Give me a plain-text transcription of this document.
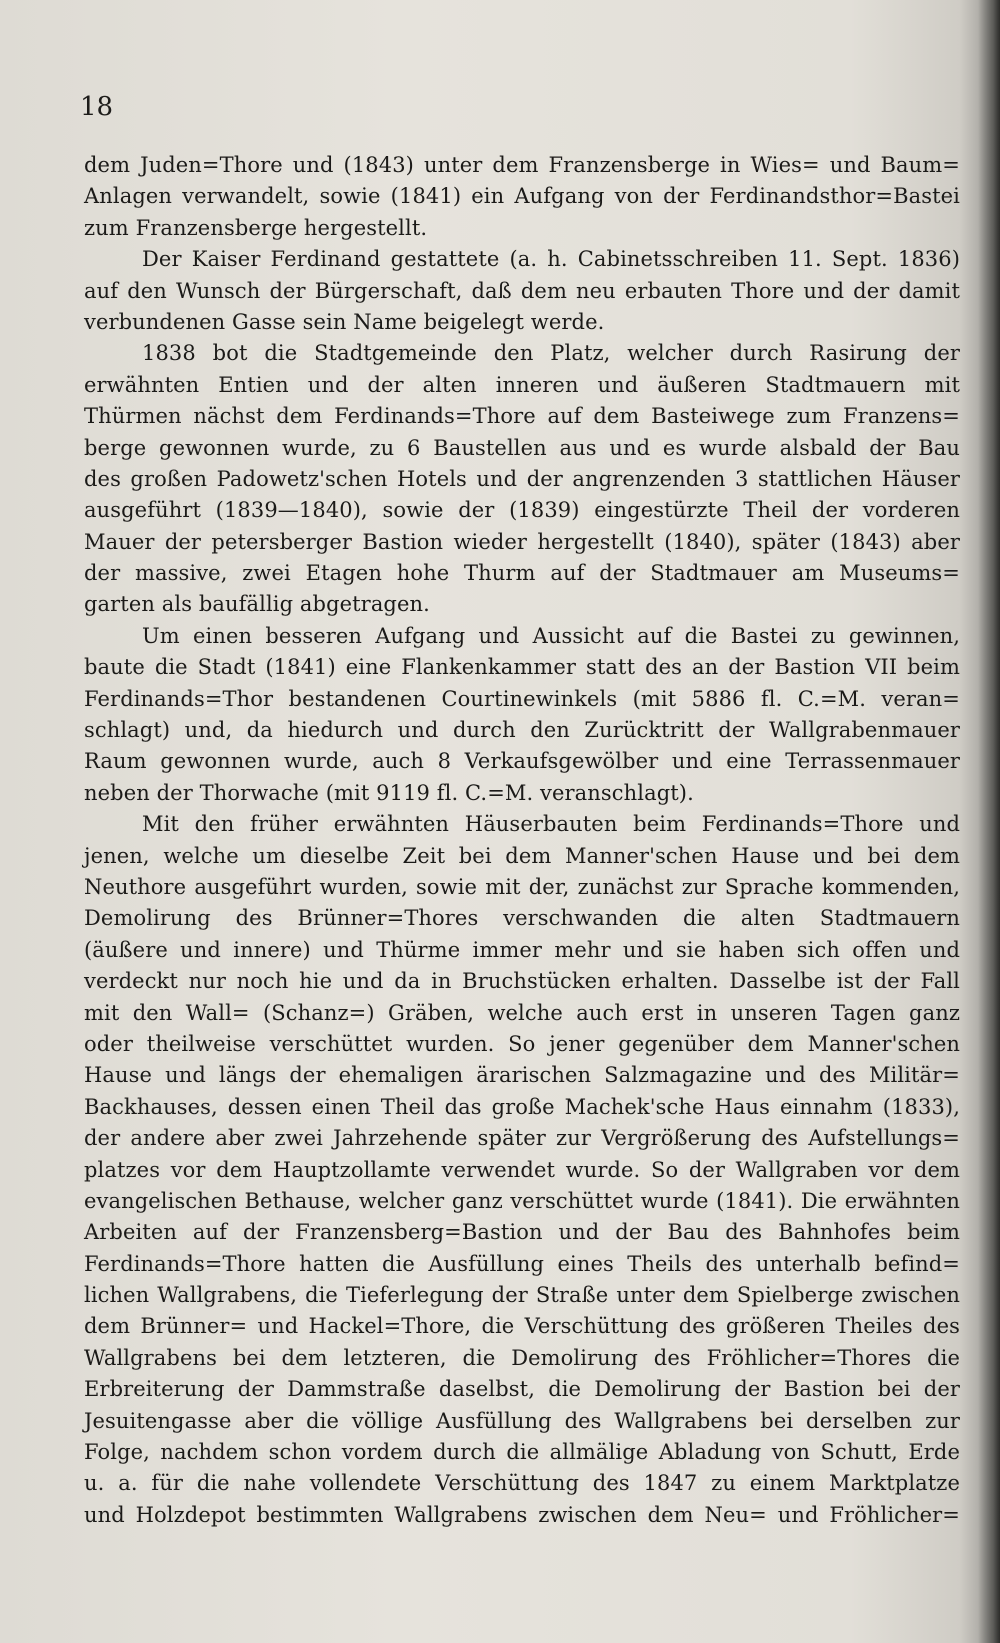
18
dem Juden=Thore und (1843) unter dem Franzensberge in Wies= und Baum=
Anlagen verwandelt, sowie (1841) ein Aufgang von der Ferdinandsthor=Bastei
zum Franzensberge hergestellt.
Der Kaiser Ferdinand gestattete (a. h. Cabinetsschreiben 11. Sept. 1836)
auf den Wunsch der Bürgerschaft, daß dem neu erbauten Thore und der damit
verbundenen Gasse sein Name beigelegt werde.
1838 bot die Stadtgemeinde den Platz, welcher durch Rasirung der
erwähnten Entien und der alten inneren und äußeren Stadtmauern mit
Thürmen nächst dem Ferdinands=Thore auf dem Basteiwege zum Franzens=
berge gewonnen wurde, zu 6 Baustellen aus und es wurde alsbald der Bau
des großen Padowetz'schen Hotels und der angrenzenden 3 stattlichen Häuser
ausgeführt (1839—1840), sowie der (1839) eingestürzte Theil der vorderen
Mauer der petersberger Bastion wieder hergestellt (1840), später (1843) aber
der massive, zwei Etagen hohe Thurm auf der Stadtmauer am Museums=
garten als baufällig abgetragen.
Um einen besseren Aufgang und Aussicht auf die Bastei zu gewinnen,
baute die Stadt (1841) eine Flankenkammer statt des an der Bastion VII beim
Ferdinands=Thor bestandenen Courtinewinkels (mit 5886 fl. C.=M. veran=
schlagt) und, da hiedurch und durch den Zurücktritt der Wallgrabenmauer
Raum gewonnen wurde, auch 8 Verkaufsgewölber und eine Terrassenmauer
neben der Thorwache (mit 9119 fl. C.=M. veranschlagt).
Mit den früher erwähnten Häuserbauten beim Ferdinands=Thore und
jenen, welche um dieselbe Zeit bei dem Manner'schen Hause und bei dem
Neuthore ausgeführt wurden, sowie mit der, zunächst zur Sprache kommenden,
Demolirung des Brünner=Thores verschwanden die alten Stadtmauern
(äußere und innere) und Thürme immer mehr und sie haben sich offen und
verdeckt nur noch hie und da in Bruchstücken erhalten. Dasselbe ist der Fall
mit den Wall= (Schanz=) Gräben, welche auch erst in unseren Tagen ganz
oder theilweise verschüttet wurden. So jener gegenüber dem Manner'schen
Hause und längs der ehemaligen ärarischen Salzmagazine und des Militär=
Backhauses, dessen einen Theil das große Machek'sche Haus einnahm (1833),
der andere aber zwei Jahrzehende später zur Vergrößerung des Aufstellungs=
platzes vor dem Hauptzollamte verwendet wurde. So der Wallgraben vor dem
evangelischen Bethause, welcher ganz verschüttet wurde (1841). Die erwähnten
Arbeiten auf der Franzensberg=Bastion und der Bau des Bahnhofes beim
Ferdinands=Thore hatten die Ausfüllung eines Theils des unterhalb befind=
lichen Wallgrabens, die Tieferlegung der Straße unter dem Spielberge zwischen
dem Brünner= und Hackel=Thore, die Verschüttung des größeren Theiles des
Wallgrabens bei dem letzteren, die Demolirung des Fröhlicher=Thores die
Erbreiterung der Dammstraße daselbst, die Demolirung der Bastion bei der
Jesuitengasse aber die völlige Ausfüllung des Wallgrabens bei derselben zur
Folge, nachdem schon vordem durch die allmälige Abladung von Schutt, Erde
u. a. für die nahe vollendete Verschüttung des 1847 zu einem Marktplatze
und Holzdepot bestimmten Wallgrabens zwischen dem Neu= und Fröhlicher=
